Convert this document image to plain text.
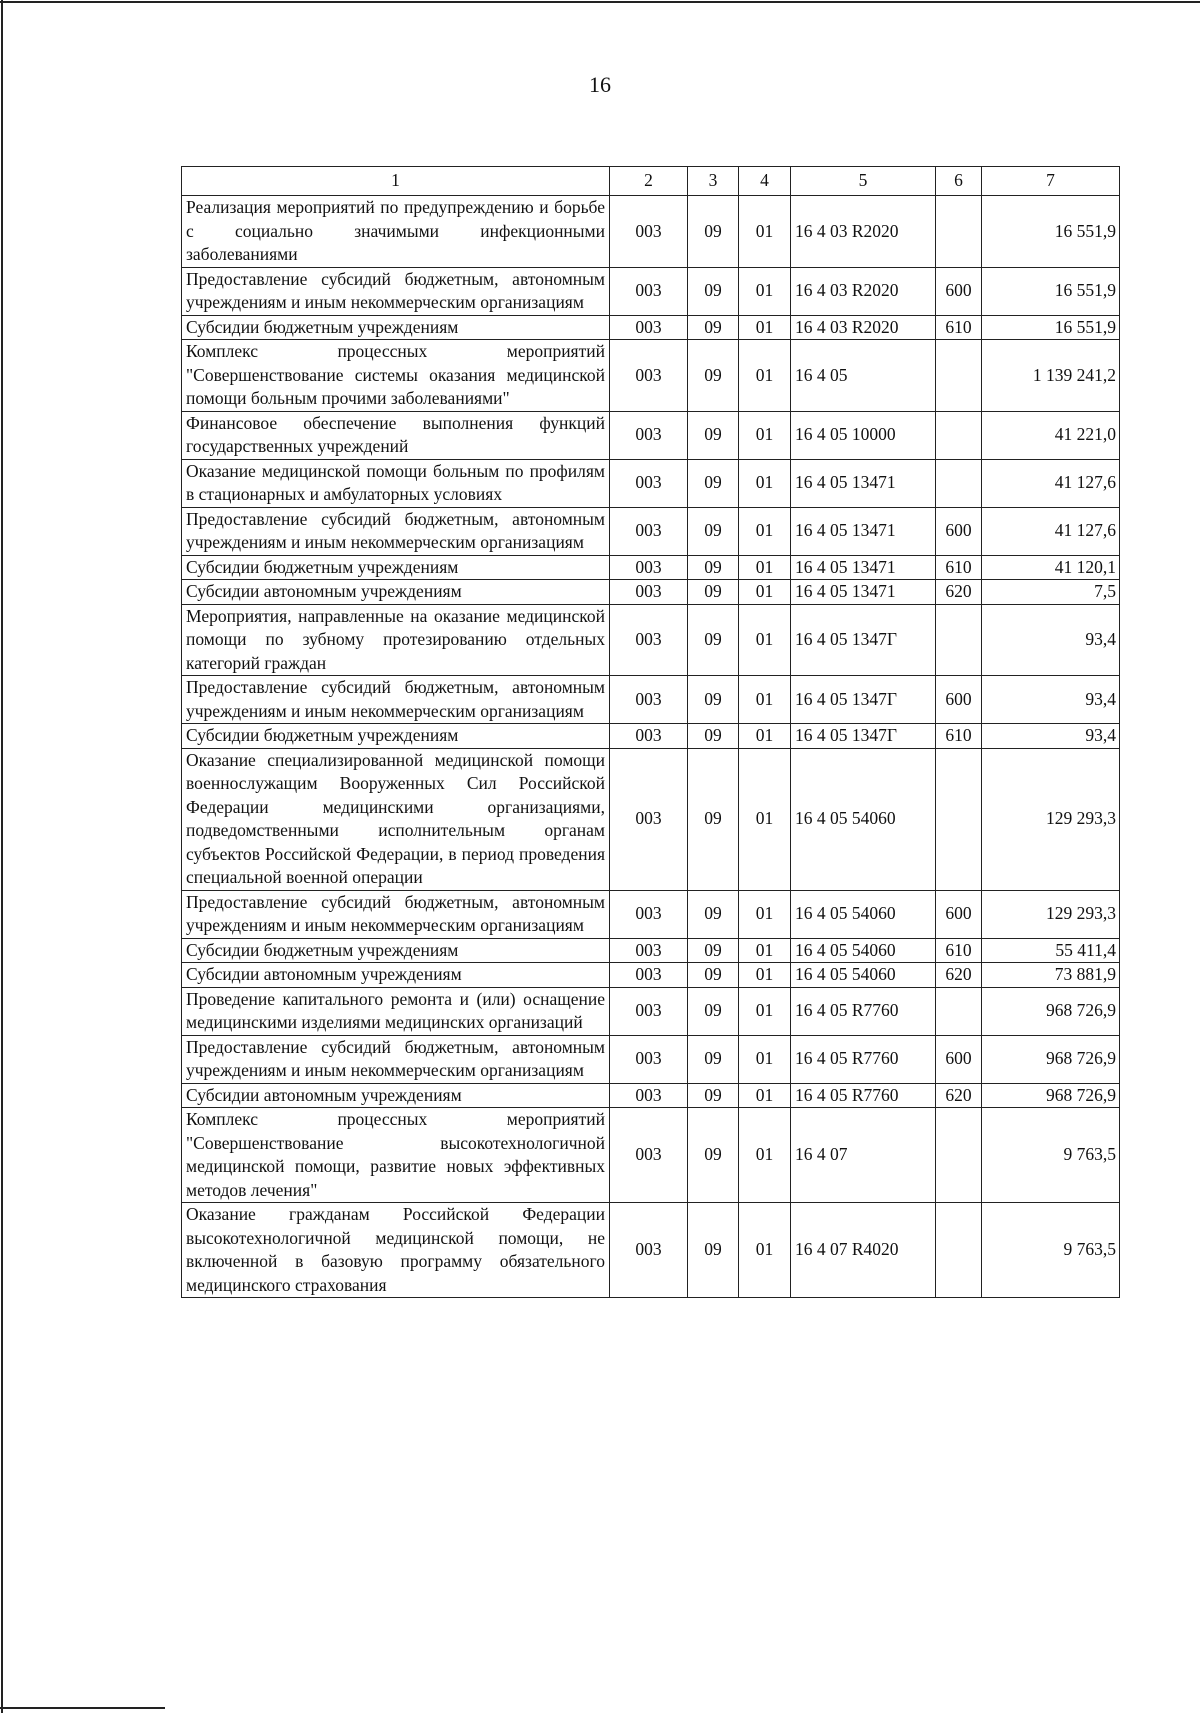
16
1	2	3	4	5	6	7
Реализация мероприятий по предупреждению и борьбе с социально значимыми инфекционными заболеваниями	003	09	01	16 4 03 R2020		16 551,9
Предоставление субсидий бюджетным, автономным учреждениям и иным некоммерческим организациям	003	09	01	16 4 03 R2020	600	16 551,9
Субсидии бюджетным учреждениям	003	09	01	16 4 03 R2020	610	16 551,9
Комплекс процессных мероприятий "Совершенствование системы оказания медицинской помощи больным прочими заболеваниями"	003	09	01	16 4 05		1 139 241,2
Финансовое обеспечение выполнения функций государственных учреждений	003	09	01	16 4 05 10000		41 221,0
Оказание медицинской помощи больным по профилям в стационарных и амбулаторных условиях	003	09	01	16 4 05 13471		41 127,6
Предоставление субсидий бюджетным, автономным учреждениям и иным некоммерческим организациям	003	09	01	16 4 05 13471	600	41 127,6
Субсидии бюджетным учреждениям	003	09	01	16 4 05 13471	610	41 120,1
Субсидии автономным учреждениям	003	09	01	16 4 05 13471	620	7,5
Мероприятия, направленные на оказание медицинской помощи по зубному протезированию отдельных категорий граждан	003	09	01	16 4 05 1347Г		93,4
Предоставление субсидий бюджетным, автономным учреждениям и иным некоммерческим организациям	003	09	01	16 4 05 1347Г	600	93,4
Субсидии бюджетным учреждениям	003	09	01	16 4 05 1347Г	610	93,4
Оказание специализированной медицинской помощи военнослужащим Вооруженных Сил Российской Федерации медицинскими организациями, подведомственными исполнительным органам субъектов Российской Федерации, в период проведения специальной военной операции	003	09	01	16 4 05 54060		129 293,3
Предоставление субсидий бюджетным, автономным учреждениям и иным некоммерческим организациям	003	09	01	16 4 05 54060	600	129 293,3
Субсидии бюджетным учреждениям	003	09	01	16 4 05 54060	610	55 411,4
Субсидии автономным учреждениям	003	09	01	16 4 05 54060	620	73 881,9
Проведение капитального ремонта и (или) оснащение медицинскими изделиями медицинских организаций	003	09	01	16 4 05 R7760		968 726,9
Предоставление субсидий бюджетным, автономным учреждениям и иным некоммерческим организациям	003	09	01	16 4 05 R7760	600	968 726,9
Субсидии автономным учреждениям	003	09	01	16 4 05 R7760	620	968 726,9
Комплекс процессных мероприятий "Совершенствование высокотехнологичной медицинской помощи, развитие новых эффективных методов лечения"	003	09	01	16 4 07		9 763,5
Оказание гражданам Российской Федерации высокотехнологичной медицинской помощи, не включенной в базовую программу обязательного медицинского страхования	003	09	01	16 4 07 R4020		9 763,5
